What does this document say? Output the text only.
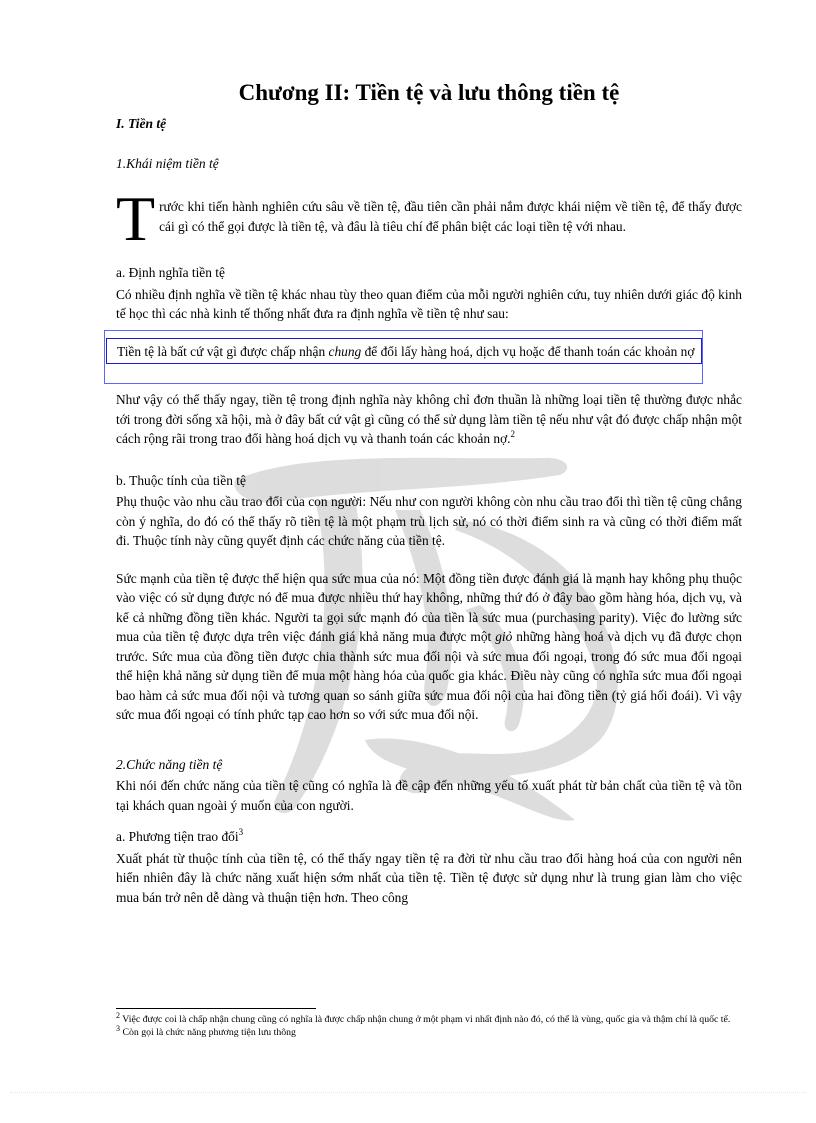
Chương II: Tiền tệ và lưu thông tiền tệ

I. Tiền tệ

1.Khái niệm tiền tệ

T rước khi tiến hành nghiên cứu sâu về tiền tệ, đầu tiên cần phải nắm được khái niệm về tiền tệ, để thấy được cái gì có thể gọi được là tiền tệ, và đâu là tiêu chí để phân biệt các loại tiền tệ với nhau.

a. Định nghĩa tiền tệ

Có nhiều định nghĩa về tiền tệ khác nhau tùy theo quan điểm của mỗi người nghiên cứu, tuy nhiên dưới giác độ kinh tế học thì các nhà kinh tế thống nhất đưa ra định nghĩa về tiền tệ như sau:

Tiền tệ là bất cứ vật gì được chấp nhận chung để đổi lấy hàng hoá, dịch vụ hoặc để thanh toán các khoản nợ

Như vậy có thể thấy ngay, tiền tệ trong định nghĩa này không chỉ đơn thuần là những loại tiền tệ thường được nhắc tới trong đời sống xã hội, mà ở đây bất cứ vật gì cũng có thể sử dụng làm tiền tệ nếu như vật đó được chấp nhận một cách rộng rãi trong trao đổi hàng hoá dịch vụ và thanh toán các khoản nợ.$^2$

b. Thuộc tính của tiền tệ

Phụ thuộc vào nhu cầu trao đổi của con người: Nếu như con người không còn nhu cầu trao đổi thì tiền tệ cũng chẳng còn ý nghĩa, do đó có thể thấy rõ tiền tệ là một phạm trù lịch sử, nó có thời điểm sinh ra và cũng có thời điểm mất đi. Thuộc tính này cũng quyết định các chức năng của tiền tệ.

Sức mạnh của tiền tệ được thể hiện qua sức mua của nó: Một đồng tiền được đánh giá là mạnh hay không phụ thuộc vào việc có sử dụng được nó để mua được nhiều thứ hay không, những thứ đó ở đây bao gồm hàng hóa, dịch vụ, và kể cả những đồng tiền khác. Người ta gọi sức mạnh đó của tiền là sức mua (purchasing parity). Việc đo lường sức mua của tiền tệ được dựa trên việc đánh giá khả năng mua được một giỏ những hàng hoá và dịch vụ đã được chọn trước. Sức mua của đồng tiền được chia thành sức mua đối nội và sức mua đối ngoại, trong đó sức mua đối ngoại thể hiện khả năng sử dụng tiền để mua một hàng hóa của quốc gia khác. Điều này cũng có nghĩa sức mua đối ngoại bao hàm cả sức mua đối nội và tương quan so sánh giữa sức mua đối nội của hai đồng tiền (tỷ giá hối đoái). Vì vậy sức mua đối ngoại có tính phức tạp cao hơn so với sức mua đối nội.

2.Chức năng tiền tệ

Khi nói đến chức năng của tiền tệ cũng có nghĩa là đề cập đến những yếu tố xuất phát từ bản chất của tiền tệ và tồn tại khách quan ngoài ý muốn của con người.

a. Phương tiện trao đổi$^3$

Xuất phát từ thuộc tính của tiền tệ, có thể thấy ngay tiền tệ ra đời từ nhu cầu trao đổi hàng hoá của con người nên hiển nhiên đây là chức năng xuất hiện sớm nhất của tiền tệ. Tiền tệ được sử dụng như là trung gian làm cho việc mua bán trở nên dễ dàng và thuận tiện hơn. Theo công

$^2$ Việc được coi là chấp nhận chung cũng có nghĩa là được chấp nhận chung ở một phạm vi nhất định nào đó, có thể là vùng, quốc gia và thậm chí là quốc tế.

$^3$ Còn gọi là chức năng phương tiện lưu thông
